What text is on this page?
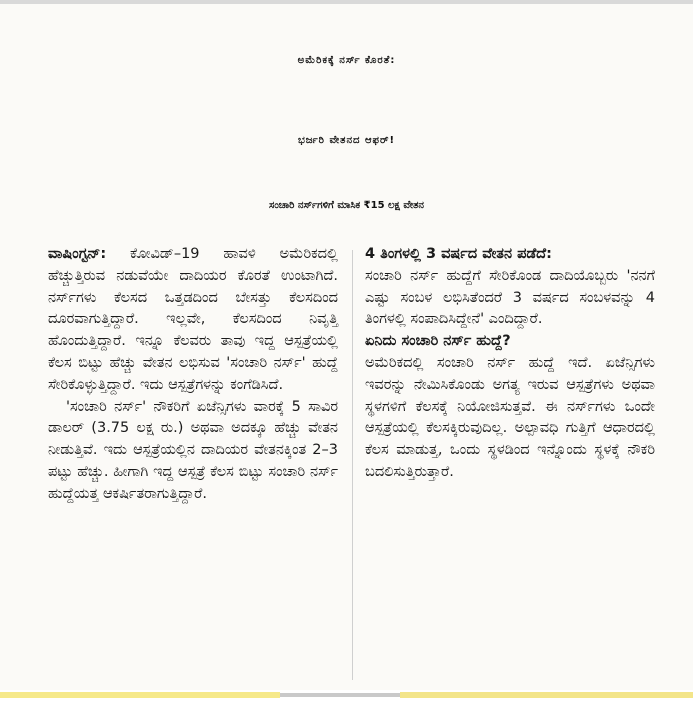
ಅಮೆರಿಕಕ್ಕೆ ನರ್ಸ್ ಕೊರತೆ:
ಭರ್ಜರಿ ವೇತನದ ಆಫರ್!
ಸಂಚಾರಿ ನರ್ಸ್‌ಗಳಿಗೆ ಮಾಸಿಕ ₹15 ಲಕ್ಷ ವೇತನ

ವಾಷಿಂಗ್ಟನ್: ಕೋವಿಡ್–19 ಹಾವಳಿ ಅಮೆರಿಕದಲ್ಲಿ ಹೆಚ್ಚುತ್ತಿರುವ ನಡುವೆಯೇ ದಾದಿಯರ ಕೊರತೆ ಉಂಟಾಗಿದೆ. ನರ್ಸ್‌ಗಳು ಕೆಲಸದ ಒತ್ತಡದಿಂದ ಬೇಸತ್ತು ಕೆಲಸದಿಂದ ದೂರವಾಗುತ್ತಿದ್ದಾರೆ. ಇಲ್ಲವೇ, ಕೆಲಸದಿಂದ ನಿವೃತ್ತಿ ಹೊಂದುತ್ತಿದ್ದಾರೆ. ಇನ್ನೂ ಕೆಲವರು ತಾವು ಇದ್ದ ಆಸ್ಪತ್ರೆಯಲ್ಲಿ ಕೆಲಸ ಬಿಟ್ಟು ಹೆಚ್ಚು ವೇತನ ಲಭಿಸುವ 'ಸಂಚಾರಿ ನರ್ಸ್' ಹುದ್ದೆ ಸೇರಿಕೊಳ್ಳುತ್ತಿದ್ದಾರೆ. ಇದು ಆಸ್ಪತ್ರೆಗಳನ್ನು ಕಂಗೆಡಿಸಿದೆ.

'ಸಂಚಾರಿ ನರ್ಸ್' ನೌಕರಿಗೆ ಏಜೆನ್ಸಿಗಳು ವಾರಕ್ಕೆ 5 ಸಾವಿರ ಡಾಲರ್ (3.75 ಲಕ್ಷ ರು.) ಅಥವಾ ಅದಕ್ಕೂ ಹೆಚ್ಚು ವೇತನ ನೀಡುತ್ತಿವೆ. ಇದು ಆಸ್ಪತ್ರೆಯಲ್ಲಿನ ದಾದಿಯರ ವೇತನಕ್ಕಿಂತ 2–3 ಪಟ್ಟು ಹೆಚ್ಚು. ಹೀಗಾಗಿ ಇದ್ದ ಆಸ್ಪತ್ರೆ ಕೆಲಸ ಬಿಟ್ಟು ಸಂಚಾರಿ ನರ್ಸ್ ಹುದ್ದೆಯತ್ತ ಆಕರ್ಷಿತರಾಗುತ್ತಿದ್ದಾರೆ.

4 ತಿಂಗಳಲ್ಲಿ 3 ವರ್ಷದ ವೇತನ ಪಡೆದೆ:

ಸಂಚಾರಿ ನರ್ಸ್ ಹುದ್ದೆಗೆ ಸೇರಿಕೊಂಡ ದಾದಿಯೊಬ್ಬರು 'ನನಗೆ ಎಷ್ಟು ಸಂಬಳ ಲಭಿಸಿತೆಂದರೆ 3 ವರ್ಷದ ಸಂಬಳವನ್ನು 4 ತಿಂಗಳಲ್ಲಿ ಸಂಪಾದಿಸಿದ್ದೇನೆ' ಎಂದಿದ್ದಾರೆ.

ಏನಿದು ಸಂಚಾರಿ ನರ್ಸ್ ಹುದ್ದೆ?

ಅಮೆರಿಕದಲ್ಲಿ ಸಂಚಾರಿ ನರ್ಸ್ ಹುದ್ದೆ ಇದೆ. ಏಜೆನ್ಸಿಗಳು ಇವರನ್ನು ನೇಮಿಸಿಕೊಂಡು ಅಗತ್ಯ ಇರುವ ಆಸ್ಪತ್ರೆಗಳು ಅಥವಾ ಸ್ಥಳಗಳಿಗೆ ಕೆಲಸಕ್ಕೆ ನಿಯೋಜಿಸುತ್ತವೆ. ಈ ನರ್ಸ್‌ಗಳು ಒಂದೇ ಆಸ್ಪತ್ರೆಯಲ್ಲಿ ಕೆಲಸಕ್ಕಿರುವುದಿಲ್ಲ. ಅಲ್ಪಾವಧಿ ಗುತ್ತಿಗೆ ಆಧಾರದಲ್ಲಿ ಕೆಲಸ ಮಾಡುತ್ತ, ಒಂದು ಸ್ಥಳಡಿಂದ ಇನ್ನೊಂದು ಸ್ಥಳಕ್ಕೆ ನೌಕರಿ ಬದಲಿಸುತ್ತಿರುತ್ತಾರೆ.
